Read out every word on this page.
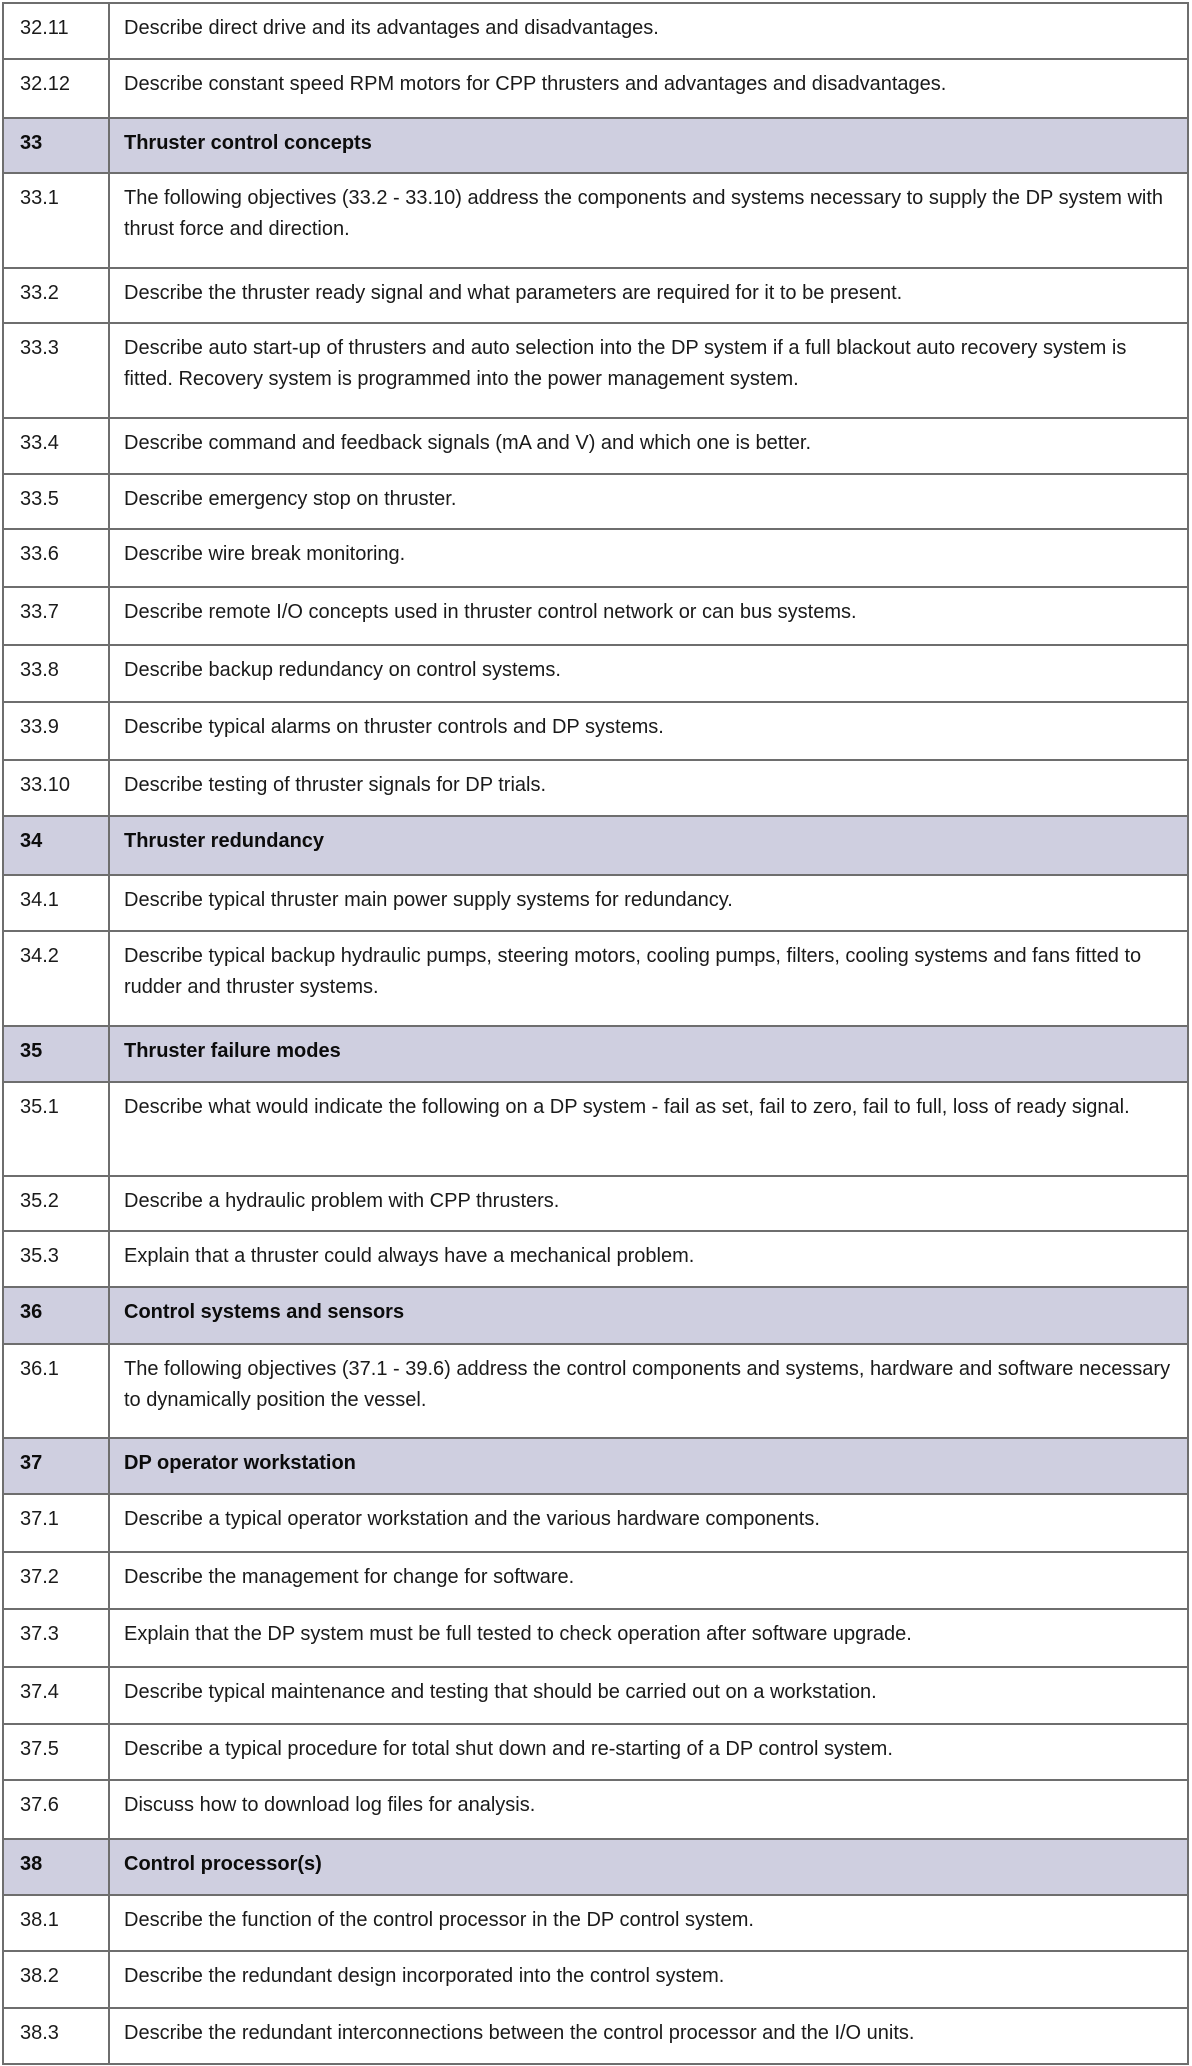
32.11	Describe direct drive and its advantages and disadvantages.
32.12	Describe constant speed RPM motors for CPP thrusters and advantages and disadvantages.
33	Thruster control concepts
33.1	The following objectives (33.2 - 33.10) address the components and systems necessary to supply the DP system with thrust force and direction.
33.2	Describe the thruster ready signal and what parameters are required for it to be present.
33.3	Describe auto start-up of thrusters and auto selection into the DP system if a full blackout auto recovery system is fitted. Recovery system is programmed into the power management system.
33.4	Describe command and feedback signals (mA and V) and which one is better.
33.5	Describe emergency stop on thruster.
33.6	Describe wire break monitoring.
33.7	Describe remote I/O concepts used in thruster control network or can bus systems.
33.8	Describe backup redundancy on control systems.
33.9	Describe typical alarms on thruster controls and DP systems.
33.10	Describe testing of thruster signals for DP trials.
34	Thruster redundancy
34.1	Describe typical thruster main power supply systems for redundancy.
34.2	Describe typical backup hydraulic pumps, steering motors, cooling pumps, filters, cooling systems and fans fitted to rudder and thruster systems.
35	Thruster failure modes
35.1	Describe what would indicate the following on a DP system - fail as set, fail to zero, fail to full, loss of ready signal.
35.2	Describe a hydraulic problem with CPP thrusters.
35.3	Explain that a thruster could always have a mechanical problem.
36	Control systems and sensors
36.1	The following objectives (37.1 - 39.6) address the control components and systems, hardware and software necessary to dynamically position the vessel.
37	DP operator workstation
37.1	Describe a typical operator workstation and the various hardware components.
37.2	Describe the management for change for software.
37.3	Explain that the DP system must be full tested to check operation after software upgrade.
37.4	Describe typical maintenance and testing that should be carried out on a workstation.
37.5	Describe a typical procedure for total shut down and re-starting of a DP control system.
37.6	Discuss how to download log files for analysis.
38	Control processor(s)
38.1	Describe the function of the control processor in the DP control system.
38.2	Describe the redundant design incorporated into the control system.
38.3	Describe the redundant interconnections between the control processor and the I/O units.
